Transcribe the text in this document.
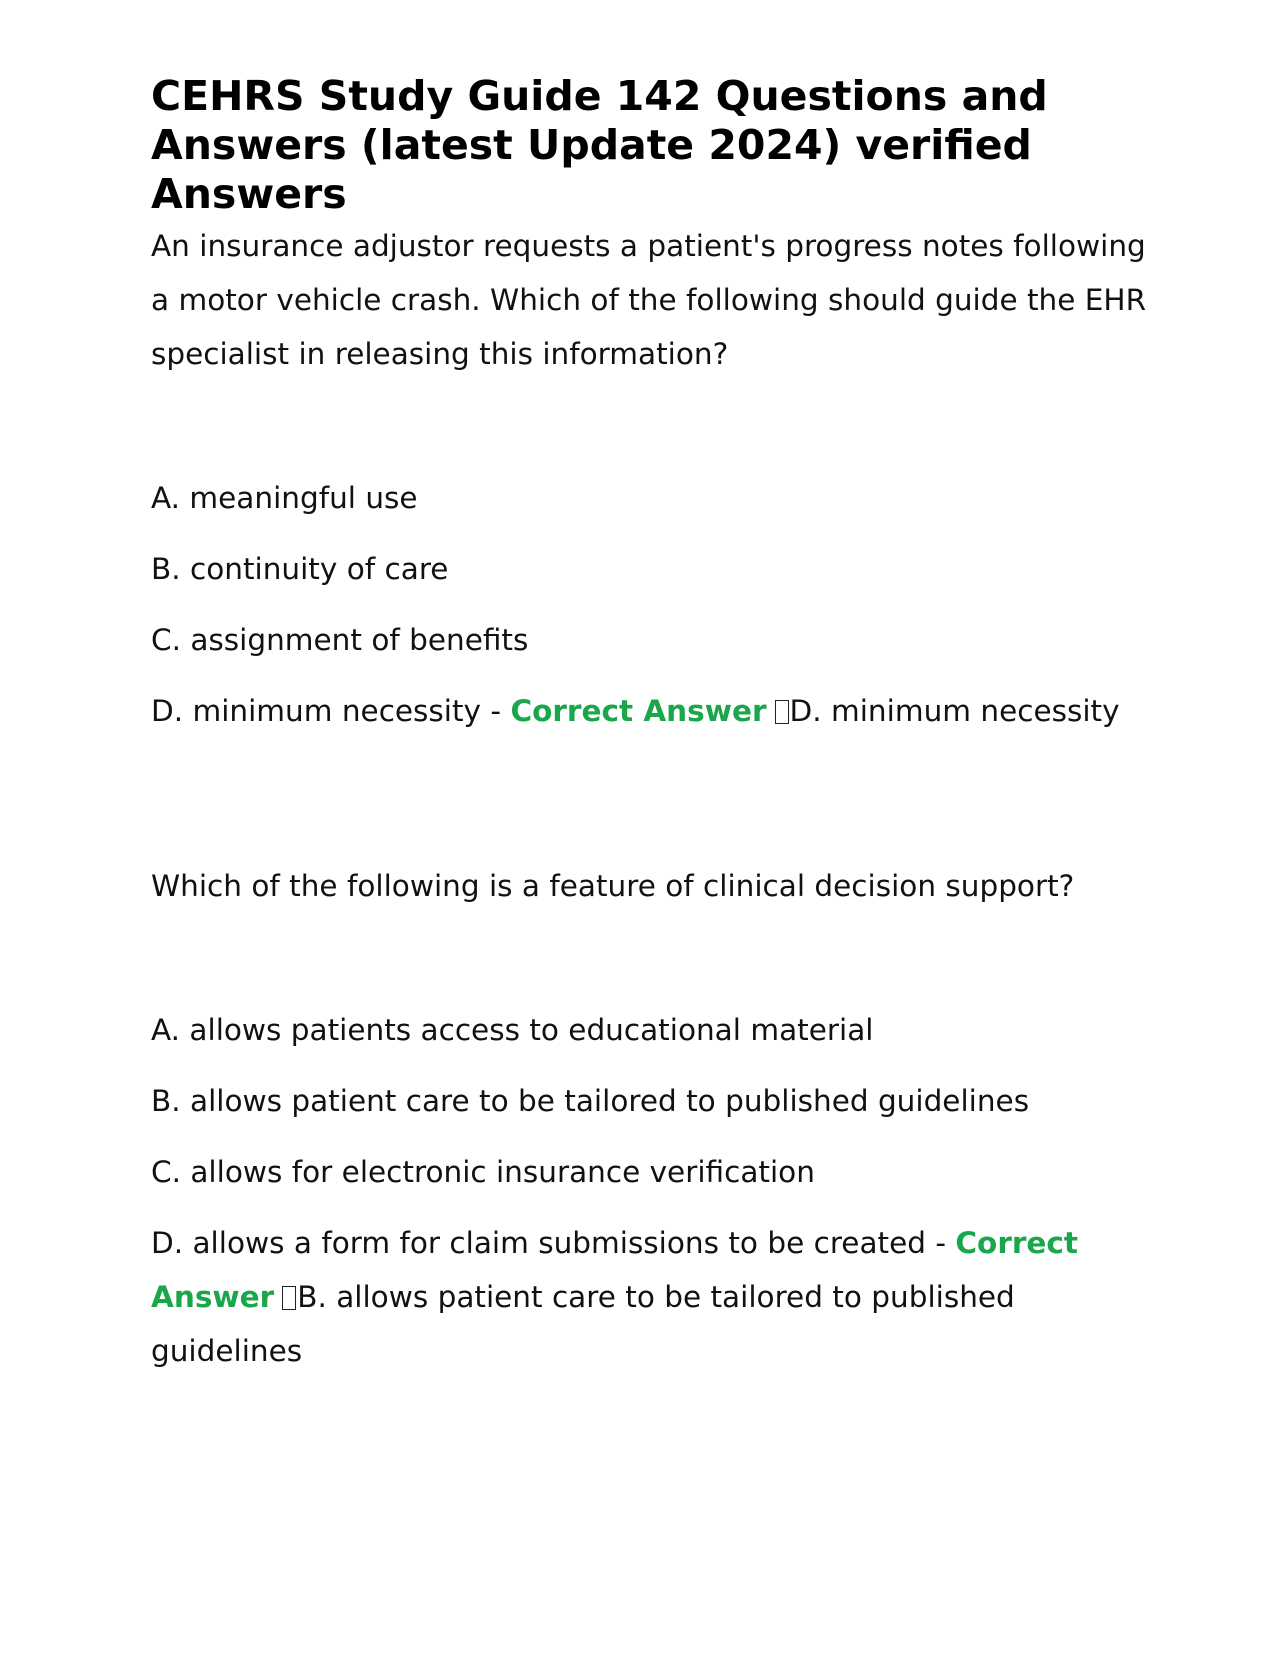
CEHRS Study Guide 142 Questions and Answers (latest Update 2024) verified Answers

An insurance adjustor requests a patient's progress notes following a motor vehicle crash. Which of the following should guide the EHR specialist in releasing this information?

A. meaningful use

B. continuity of care

C. assignment of benefits

D. minimum necessity - Correct Answer D. minimum necessity

Which of the following is a feature of clinical decision support?

A. allows patients access to educational material

B. allows patient care to be tailored to published guidelines

C. allows for electronic insurance verification

D. allows a form for claim submissions to be created - Correct Answer B. allows patient care to be tailored to published guidelines
